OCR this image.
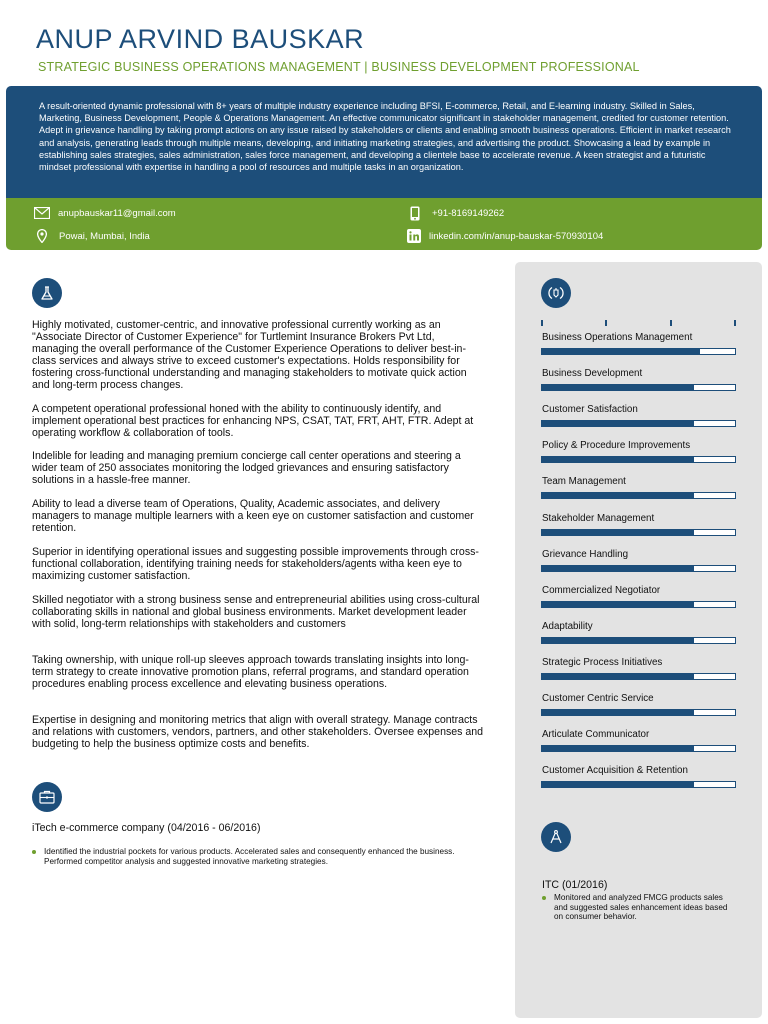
ANUP ARVIND BAUSKAR
STRATEGIC BUSINESS OPERATIONS MANAGEMENT | BUSINESS DEVELOPMENT PROFESSIONAL
A result-oriented dynamic professional with 8+ years of multiple industry experience including BFSI, E-commerce, Retail, and E-learning industry. Skilled in Sales, Marketing, Business Development, People & Operations Management. An effective communicator significant in stakeholder management, credited for customer retention. Adept in grievance handling by taking prompt actions on any issue raised by stakeholders or clients and enabling smooth business operations. Efficient in market research and analysis, generating leads through multiple means, developing, and initiating marketing strategies, and advertising the product. Showcasing a lead by example in establishing sales strategies, sales administration, sales force management, and developing a clientele base to accelerate revenue. A keen strategist and a futuristic mindset professional with expertise in handling a pool of resources and multiple tasks in an organization.
anupbauskar11@gmail.com	+91-8169149262
Powai, Mumbai, India	linkedin.com/in/anup-bauskar-570930104

Highly motivated, customer-centric, and innovative professional currently working as an "Associate Director of Customer Experience" for Turtlemint Insurance Brokers Pvt Ltd, managing the overall performance of the Customer Experience Operations to deliver best-in-class services and always strive to exceed customer's expectations. Holds responsibility for fostering cross-functional understanding and managing stakeholders to motivate quick action and long-term process changes.

A competent operational professional honed with the ability to continuously identify, and implement operational best practices for enhancing NPS, CSAT, TAT, FRT, AHT, FTR. Adept at operating workflow & collaboration of tools.

Indelible for leading and managing premium concierge call center operations and steering a wider team of 250 associates monitoring the lodged grievances and ensuring satisfactory solutions in a hassle-free manner.

Ability to lead a diverse team of Operations, Quality, Academic associates, and delivery managers to manage multiple learners with a keen eye on customer satisfaction and customer retention.

Superior in identifying operational issues and suggesting possible improvements through cross-functional collaboration, identifying training needs for stakeholders/agents witha keen eye to maximizing customer satisfaction.

Skilled negotiator with a strong business sense and entrepreneurial abilities using cross-cultural collaborating skills in national and global business environments. Market development leader with solid, long-term relationships with stakeholders and customers

Taking ownership, with unique roll-up sleeves approach towards translating insights into long-term strategy to create innovative promotion plans, referral programs, and standard operation procedures enabling process excellence and elevating business operations.

Expertise in designing and monitoring metrics that align with overall strategy. Manage contracts and relations with customers, vendors, partners, and other stakeholders. Oversee expenses and budgeting to help the business optimize costs and benefits.

iTech e-commerce company (04/2016 - 06/2016)
Identified the industrial pockets for various products. Accelerated sales and consequently enhanced the business. Performed competitor analysis and suggested innovative marketing strategies.
Business Operations Management
Business Development
Customer Satisfaction
Policy & Procedure Improvements
Team Management
Stakeholder Management
Grievance Handling
Commercialized Negotiator
Adaptability
Strategic Process Initiatives
Customer Centric Service
Articulate Communicator
Customer Acquisition & Retention
ITC (01/2016)
Monitored and analyzed FMCG products sales and suggested sales enhancement ideas based on consumer behavior.
